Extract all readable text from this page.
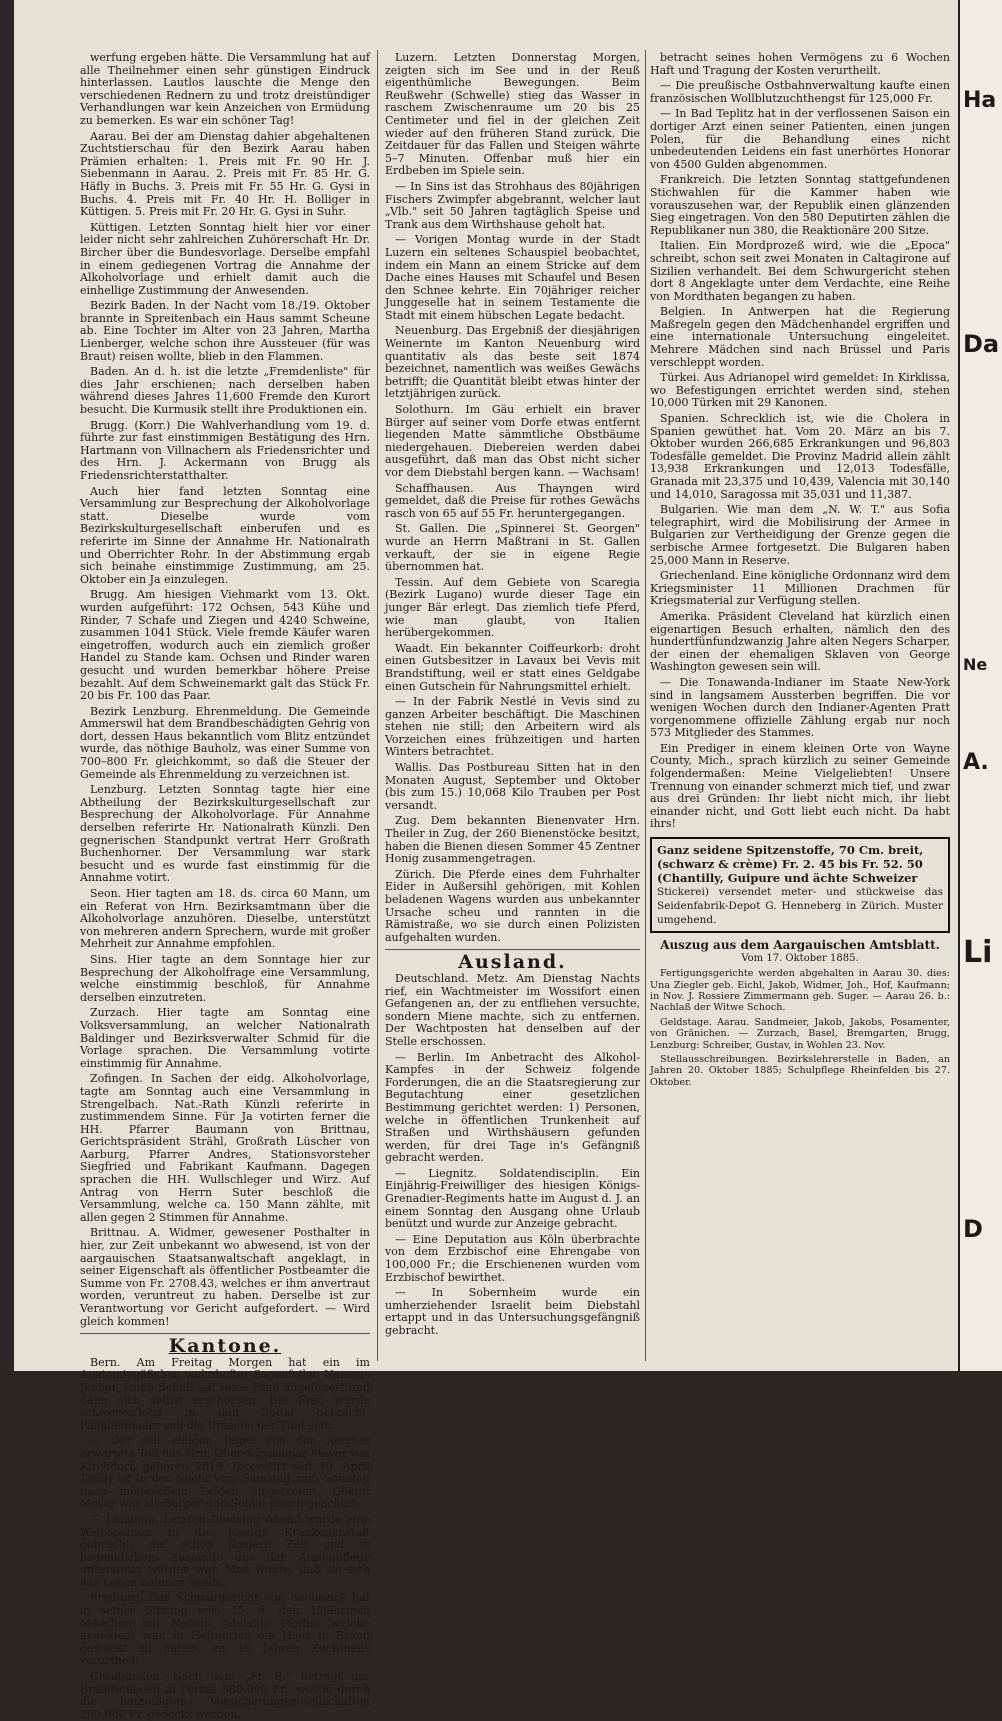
werfung ergeben hätte. Die Versammlung hat auf alle Theilnehmer einen sehr günstigen Eindruck hinterlassen. Lautlos lauschte die Menge den verschiedenen Rednern zu und trotz dreistündiger Verhandlungen war kein Anzeichen von Ermüdung zu bemerken. Es war ein schöner Tag!

Aarau. Bei der am Dienstag dahier abgehaltenen Zuchtstierschau für den Bezirk Aarau haben Prämien erhalten: 1. Preis mit Fr. 90 Hr. J. Siebenmann in Aarau. 2. Preis mit Fr. 85 Hr. G. Häfly in Buchs. 3. Preis mit Fr. 55 Hr. G. Gysi in Buchs. 4. Preis mit Fr. 40 Hr. H. Bolliger in Küttigen. 5. Preis mit Fr. 20 Hr. G. Gysi in Suhr.

Küttigen. Letzten Sonntag hielt hier vor einer leider nicht sehr zahlreichen Zuhörerschaft Hr. Dr. Bircher über die Bundesvorlage. Derselbe empfahl in einem gediegenen Vortrag die Annahme der Alkoholvorlage und erhielt damit auch die einhellige Zustimmung der Anwesenden.

Bezirk Baden. In der Nacht vom 18./19. Oktober brannte in Spreitenbach ein Haus sammt Scheune ab. Eine Tochter im Alter von 23 Jahren, Martha Lienberger, welche schon ihre Aussteuer (für was Braut) reisen wollte, blieb in den Flammen.

Baden. An d. h. ist die letzte „Fremdenliste" für dies Jahr erschienen; nach derselben haben während dieses Jahres 11,600 Fremde den Kurort besucht. Die Kurmusik stellt ihre Produktionen ein.

Brugg. (Korr.) Die Wahlverhandlung vom 19. d. führte zur fast einstimmigen Bestätigung des Hrn. Hartmann von Villnachern als Friedensrichter und des Hrn. J. Ackermann von Brugg als Friedensrichterstatthalter.

Auch hier fand letzten Sonntag eine Versammlung zur Besprechung der Alkoholvorlage statt. Dieselbe wurde vom Bezirkskulturgesellschaft einberufen und es referirte im Sinne der Annahme Hr. Nationalrath und Oberrichter Rohr. In der Abstimmung ergab sich beinahe einstimmige Zustimmung, am 25. Oktober ein Ja einzulegen.

Brugg. Am hiesigen Viehmarkt vom 13. Okt. wurden aufgeführt: 172 Ochsen, 543 Kühe und Rinder, 7 Schafe und Ziegen und 4240 Schweine, zusammen 1041 Stück. Viele fremde Käufer waren eingetroffen, wodurch auch ein ziemlich großer Handel zu Stande kam. Ochsen und Rinder waren gesucht und wurden bemerkbar höhere Preise bezahlt. Auf dem Schweinemarkt galt das Stück Fr. 20 bis Fr. 100 das Paar.

Bezirk Lenzburg. Ehrenmeldung. Die Gemeinde Ammerswil hat dem Brandbeschädigten Gehrig von dort, dessen Haus bekanntlich vom Blitz entzündet wurde, das nöthige Bauholz, was einer Summe von 700–800 Fr. gleichkommt, so daß die Steuer der Gemeinde als Ehrenmeldung zu verzeichnen ist.

Lenzburg. Letzten Sonntag tagte hier eine Abtheilung der Bezirkskulturgesellschaft zur Besprechung der Alkoholvorlage. Für Annahme derselben referirte Hr. Nationalrath Künzli. Den gegnerischen Standpunkt vertrat Herr Großrath Buchenhorner. Der Versammlung war stark besucht und es wurde fast einstimmig für die Annahme votirt.

Seon. Hier tagten am 18. ds. circa 60 Mann, um ein Referat von Hrn. Bezirksamtmann über die Alkoholvorlage anzuhören. Dieselbe, unterstützt von mehreren andern Sprechern, wurde mit großer Mehrheit zur Annahme empfohlen.

Sins. Hier tagte an dem Sonntage hier zur Besprechung der Alkoholfrage eine Versammlung, welche einstimmig beschloß, für Annahme derselben einzutreten.

Zurzach. Hier tagte am Sonntag eine Volksversammlung, an welcher Nationalrath Baldinger und Bezirksverwalter Schmid für die Vorlage sprachen. Die Versammlung votirte einstimmig für Annahme.

Zofingen. In Sachen der eidg. Alkoholvorlage, tagte am Sonntag auch eine Versammlung in Strengelbach. Nat.-Rath Künzli referirte in zustimmendem Sinne. Für Ja votirten ferner die HH. Pfarrer Baumann von Brittnau, Gerichtspräsident Strähl, Großrath Lüscher von Aarburg, Pfarrer Andres, Stationsvorsteher Siegfried und Fabrikant Kaufmann. Dagegen sprachen die HH. Wullschleger und Wirz. Auf Antrag von Herrn Suter beschloß die Versammlung, welche ca. 150 Mann zählte, mit allen gegen 2 Stimmen für Annahme.

Brittnau. A. Widmer, gewesener Posthalter in hier, zur Zeit unbekannt wo abwesend, ist von der aargauischen Staatsanwaltschaft angeklagt, in seiner Eigenschaft als öffentlicher Postbeamter die Summe von Fr. 2708.43, welches er ihm anvertraut worden, veruntreut zu haben. Derselbe ist zur Verantwortung vor Gericht aufgefordert. — Wird gleich kommen!

Kantone.

Bern. Am Freitag Morgen hat ein im Anatomiegäßchen wohnhafter Sagenfeiler, Namens Jenner, einen Schuß auf seine Frau abgefeuert und dann sich selbst erschossen. Die Frau wurde schwerverletzt in den Spital gebracht. Familienhader soll die Ursache der That sein.

— Der seit einigen Tagen von den Aerzten erwartete Tod des Hrn. Oberstdivisionär Meyer von Kirchdorf, geboren 1819, (brevetirt seit 10. April 1863) ist in der Nacht vom Samstag zum Sonntag nach mühevollem Leiden eingetreten. Oberst Meyer war als Bürger und Soldat gleich geachtet.

— Langnau. Letzten Dienstag Abend wurde eine Weibsperson in die hiesige Krankenanstalt gebracht, die schon längere Zeit und in bedenklichem Zustande aus der Armenpflege unterstützt worden war. Man wußte, daß sie sich das Leben nehmen wollte.

Freiburg. Das Schwurgericht von Seebezirk hat in seiner Sitzung vom 15. d. den 19jährigen Mädchen mit Namen Adelaide Pfeffer, welche angeklagt war, in Heitenried ein Haus in Brand gesteckt zu haben, zu 15 Jahren Zuchthaus verurtheilt.

Graubünden. Nach dem „Fr. R." beträgt der Brandschaden in Fettan 580,000 Fr., wovon durch die betheiligten Versicherungsgesellschaften 200,000 Fr. gedeckt werden.

Luzern. Letzten Donnerstag Morgen, zeigten sich im See und in der Reuß eigenthümliche Bewegungen. Beim Reußwehr (Schwelle) stieg das Wasser in raschem Zwischenraume um 20 bis 25 Centimeter und fiel in der gleichen Zeit wieder auf den früheren Stand zurück. Die Zeitdauer für das Fallen und Steigen währte 5–7 Minuten. Offenbar muß hier ein Erdbeben im Spiele sein.

— In Sins ist das Strohhaus des 80jährigen Fischers Zwimpfer abgebrannt, welcher laut „Vlb." seit 50 Jahren tagtäglich Speise und Trank aus dem Wirthshause geholt hat.

— Vorigen Montag wurde in der Stadt Luzern ein seltenes Schauspiel beobachtet, indem ein Mann an einem Stricke auf dem Dache eines Hauses mit Schaufel und Besen den Schnee kehrte. Ein 70jähriger reicher Junggeselle hat in seinem Testamente die Stadt mit einem hübschen Legate bedacht.

Neuenburg. Das Ergebniß der diesjährigen Weinernte im Kanton Neuenburg wird quantitativ als das beste seit 1874 bezeichnet, namentlich was weißes Gewächs betrifft; die Quantität bleibt etwas hinter der letztjährigen zurück.

Solothurn. Im Gäu erhielt ein braver Bürger auf seiner vom Dorfe etwas entfernt liegenden Matte sämmtliche Obstbäume niedergehauen. Diebereien werden dabei ausgeführt, daß man das Obst nicht sicher vor dem Diebstahl bergen kann. — Wachsam!

Schaffhausen. Aus Thayngen wird gemeldet, daß die Preise für rothes Gewächs rasch von 65 auf 55 Fr. heruntergegangen.

St. Gallen. Die „Spinnerei St. Georgen" wurde an Herrn Maßtrani in St. Gallen verkauft, der sie in eigene Regie übernommen hat.

Tessin. Auf dem Gebiete von Scaregia (Bezirk Lugano) wurde dieser Tage ein junger Bär erlegt. Das ziemlich tiefe Pferd, wie man glaubt, von Italien herübergekommen.

Waadt. Ein bekannter Coiffeurkorb: droht einen Gutsbesitzer in Lavaux bei Vevis mit Brandstiftung, weil er statt eines Geldgabe einen Gutschein für Nahrungsmittel erhielt.

— In der Fabrik Nestlé in Vevis sind zu ganzen Arbeiter beschäftigt. Die Maschinen stehen nie still; den Arbeitern wird als Vorzeichen eines frühzeitigen und harten Winters betrachtet.

Wallis. Das Postbureau Sitten hat in den Monaten August, September und Oktober (bis zum 15.) 10,068 Kilo Trauben per Post versandt.

Zug. Dem bekannten Bienenvater Hrn. Theiler in Zug, der 260 Bienenstöcke besitzt, haben die Bienen diesen Sommer 45 Zentner Honig zusammengetragen.

Zürich. Die Pferde eines dem Fuhrhalter Eider in Außersihl gehörigen, mit Kohlen beladenen Wagens wurden aus unbekannter Ursache scheu und rannten in die Rämistraße, wo sie durch einen Polizisten aufgehalten wurden.

Ausland.

Deutschland. Metz. Am Dienstag Nachts rief, ein Wachtmeister im Wossifort einen Gefangenen an, der zu entfliehen versuchte, sondern Miene machte, sich zu entfernen. Der Wachtposten hat denselben auf der Stelle erschossen.

— Berlin. Im Anbetracht des Alkohol-Kampfes in der Schweiz folgende Forderungen, die an die Staatsregierung zur Begutachtung einer gesetzlichen Bestimmung gerichtet werden: 1) Personen, welche in öffentlichen Trunkenheit auf Straßen und Wirthshäusern gefunden werden, für drei Tage in's Gefängniß gebracht werden.

— Liegnitz. Soldatendisciplin. Ein Einjährig-Freiwilliger des hiesigen Königs-Grenadier-Regiments hatte im August d. J. an einem Sonntag den Ausgang ohne Urlaub benützt und wurde zur Anzeige gebracht.

— Eine Deputation aus Köln überbrachte von dem Erzbischof eine Ehrengabe von 100,000 Fr.; die Erschienenen wurden vom Erzbischof bewirthet.

— In Sobernheim wurde ein umherziehender Israelit beim Diebstahl ertappt und in das Untersuchungsgefängniß gebracht.

betracht seines hohen Vermögens zu 6 Wochen Haft und Tragung der Kosten verurtheilt.

— Die preußische Ostbahnverwaltung kaufte einen französischen Wollblutzuchthengst für 125,000 Fr.

— In Bad Teplitz hat in der verflossenen Saison ein dortiger Arzt einen seiner Patienten, einen jungen Polen, für die Behandlung eines nicht unbedeutenden Leidens ein fast unerhörtes Honorar von 4500 Gulden abgenommen.

Frankreich. Die letzten Sonntag stattgefundenen Stichwahlen für die Kammer haben wie vorauszusehen war, der Republik einen glänzenden Sieg eingetragen. Von den 580 Deputirten zählen die Republikaner nun 380, die Reaktionäre 200 Sitze.

Italien. Ein Mordprozeß wird, wie die „Epoca" schreibt, schon seit zwei Monaten in Caltagirone auf Sizilien verhandelt. Bei dem Schwurgericht stehen dort 8 Angeklagte unter dem Verdachte, eine Reihe von Mordthaten begangen zu haben.

Belgien. In Antwerpen hat die Regierung Maßregeln gegen den Mädchenhandel ergriffen und eine internationale Untersuchung eingeleitet. Mehrere Mädchen sind nach Brüssel und Paris verschleppt worden.

Türkei. Aus Adrianopel wird gemeldet: In Kirklissa, wo Befestigungen errichtet werden sind, stehen 10,000 Türken mit 29 Kanonen.

Spanien. Schrecklich ist, wie die Cholera in Spanien gewüthet hat. Vom 20. März an bis 7. Oktober wurden 266,685 Erkrankungen und 96,803 Todesfälle gemeldet. Die Provinz Madrid allein zählt 13,938 Erkrankungen und 12,013 Todesfälle, Granada mit 23,375 und 10,439, Valencia mit 30,140 und 14,010, Saragossa mit 35,031 und 11,387.

Bulgarien. Wie man dem „N. W. T." aus Sofia telegraphirt, wird die Mobilisirung der Armee in Bulgarien zur Vertheidigung der Grenze gegen die serbische Armee fortgesetzt. Die Bulgaren haben 25,000 Mann in Reserve.

Griechenland. Eine königliche Ordonnanz wird dem Kriegsminister 11 Millionen Drachmen für Kriegsmaterial zur Verfügung stellen.

Amerika. Präsident Cleveland hat kürzlich einen eigenartigen Besuch erhalten, nämlich den des hundertfünfundzwanzig Jahre alten Negers Scharper, der einen der ehemaligen Sklaven von George Washington gewesen sein will.

— Die Tonawanda-Indianer im Staate New-York sind in langsamem Aussterben begriffen. Die vor wenigen Wochen durch den Indianer-Agenten Pratt vorgenommene offizielle Zählung ergab nur noch 573 Mitglieder des Stammes.

Ein Prediger in einem kleinen Orte von Wayne County, Mich., sprach kürzlich zu seiner Gemeinde folgendermaßen: Meine Vielgeliebten! Unsere Trennung von einander schmerzt mich tief, und zwar aus drei Gründen: Ihr liebt nicht mich, ihr liebt einander nicht, und Gott liebt euch nicht. Da habt ihrs!

Ganz seidene Spitzenstoffe, 70 Cm. breit,
(schwarz & crème) Fr. 2. 45 bis Fr. 52. 50
(Chantilly, Guipure und ächte Schweizer
Stickerei) versendet meter- und stückweise das Seidenfabrik-Depot G. Henneberg in Zürich. Muster umgehend.
Auszug aus dem Aargauischen Amtsblatt.
Vom 17. Oktober 1885.

Fertigungsgerichte werden abgehalten in Aarau 30. dies: Una Ziegler geb. Eichl, Jakob, Widmer, Joh., Hof, Kaufmann; in Nov. J. Rossiere Zimmermann geb. Suger. — Aarau 26. b.: Nachlaß der Witwe Schoch.

Geldstage. Aarau. Sandmeier, Jakob, Jakobs, Posamenter, von Gränichen. — Zurzach, Basel, Bremgarten, Brugg, Lenzburg: Schreiber, Gustav, in Wohlen 23. Nov.

Stellausschreibungen. Bezirkslehrerstelle in Baden, an Jahren 20. Oktober 1885; Schulpflege Rheinfelden bis 27. Oktober.

Ha
Da
Ne
A.
Li
D
